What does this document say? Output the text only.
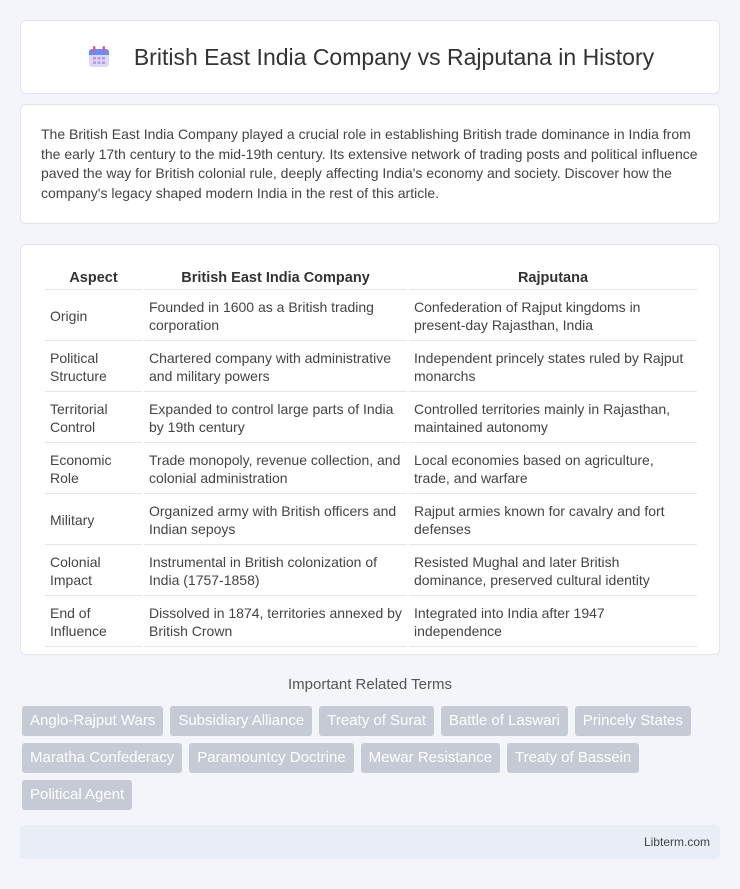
British East India Company vs Rajputana in History

The British East India Company played a crucial role in establishing British trade dominance in India from the early 17th century to the mid-19th century. Its extensive network of trading posts and political influence paved the way for British colonial rule, deeply affecting India's economy and society. Discover how the company's legacy shaped modern India in the rest of this article.

Aspect	British East India Company	Rajputana
Origin	Founded in 1600 as a British trading corporation	Confederation of Rajput kingdoms in present-day Rajasthan, India
Political Structure	Chartered company with administrative and military powers	Independent princely states ruled by Rajput monarchs
Territorial Control	Expanded to control large parts of India by 19th century	Controlled territories mainly in Rajasthan, maintained autonomy
Economic Role	Trade monopoly, revenue collection, and colonial administration	Local economies based on agriculture, trade, and warfare
Military	Organized army with British officers and Indian sepoys	Rajput armies known for cavalry and fort defenses
Colonial Impact	Instrumental in British colonization of India (1757-1858)	Resisted Mughal and later British dominance, preserved cultural identity
End of Influence	Dissolved in 1874, territories annexed by British Crown	Integrated into India after 1947 independence
Important Related Terms
Anglo-Rajput Wars	Subsidiary Alliance	Treaty of Surat	Battle of Laswari	Princely States
Maratha Confederacy	Paramountcy Doctrine	Mewar Resistance	Treaty of Bassein
Political Agent
Libterm.com
